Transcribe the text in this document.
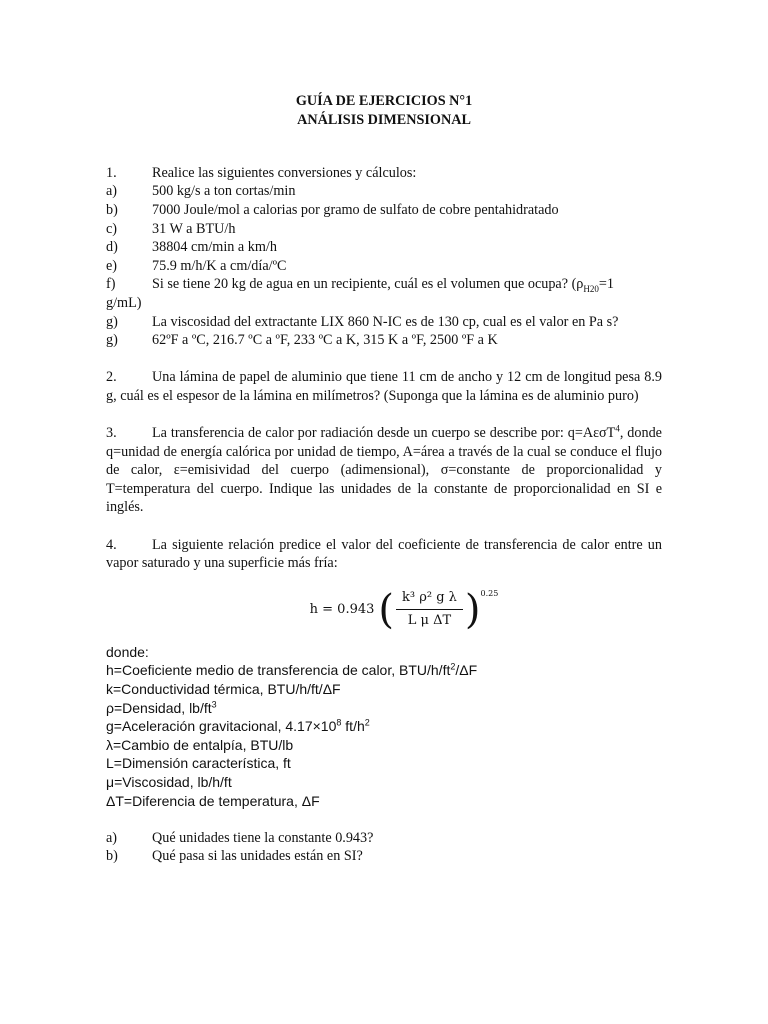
GUÍA DE EJERCICIOS N°1

ANÁLISIS DIMENSIONAL

1.	Realice las siguientes conversiones y cálculos:
a)	500 kg/s a ton cortas/min
b)	7000 Joule/mol a calorias por gramo de sulfato de cobre pentahidratado
c)	31 W a BTU/h
d)	38804 cm/min a km/h
e)	75.9 m/h/K a cm/día/ºC
f)	Si se tiene 20 kg de agua en un recipiente, cuál es el volumen que ocupa? ($\rho_{H20}=1$

g/mL)

g)	La viscosidad del extractante LIX 860 N-IC es de 130 cp, cual es el valor en Pa s?
g)	62ºF a ºC, 216.7 ºC a ºF, 233 ºC a K, 315 K a ºF, 2500 ºF a K

2. Una lámina de papel de aluminio que tiene 11 cm de ancho y 12 cm de longitud pesa 8.9 g, cuál es el espesor de la lámina en milímetros? (Suponga que la lámina es de aluminio puro)

3. La transferencia de calor por radiación desde un cuerpo se describe por: q=AεσT$^4$, donde q=unidad de energía calórica por unidad de tiempo, A=área a través de la cual se conduce el flujo de calor, ε=emisividad del cuerpo (adimensional), σ=constante de proporcionalidad y T=temperatura del cuerpo. Indique las unidades de la constante de proporcionalidad en SI e inglés.

4. La siguiente relación predice el valor del coeficiente de transferencia de calor entre un vapor saturado y una superficie más fría:

h = 0.943 ( $\frac{\text{k³ ρ² g λ}}{\text{L μ ΔT}}$ ) 0.25

donde:

h=Coeficiente medio de transferencia de calor, BTU/$h/ft^2/\Delta F$

k=Conductividad térmica, BTU/h/ft/ΔF

ρ=Densidad, $lb/ft^3$

g=Aceleración gravitacional, $4.17\times 10^8$ $ft/h^2$

λ=Cambio de entalpía, BTU/lb

L=Dimensión característica, ft

μ=Viscosidad, lb/h/ft

ΔT=Diferencia de temperatura, ΔF

a)	Qué unidades tiene la constante 0.943?
b)	Qué pasa si las unidades están en SI?
